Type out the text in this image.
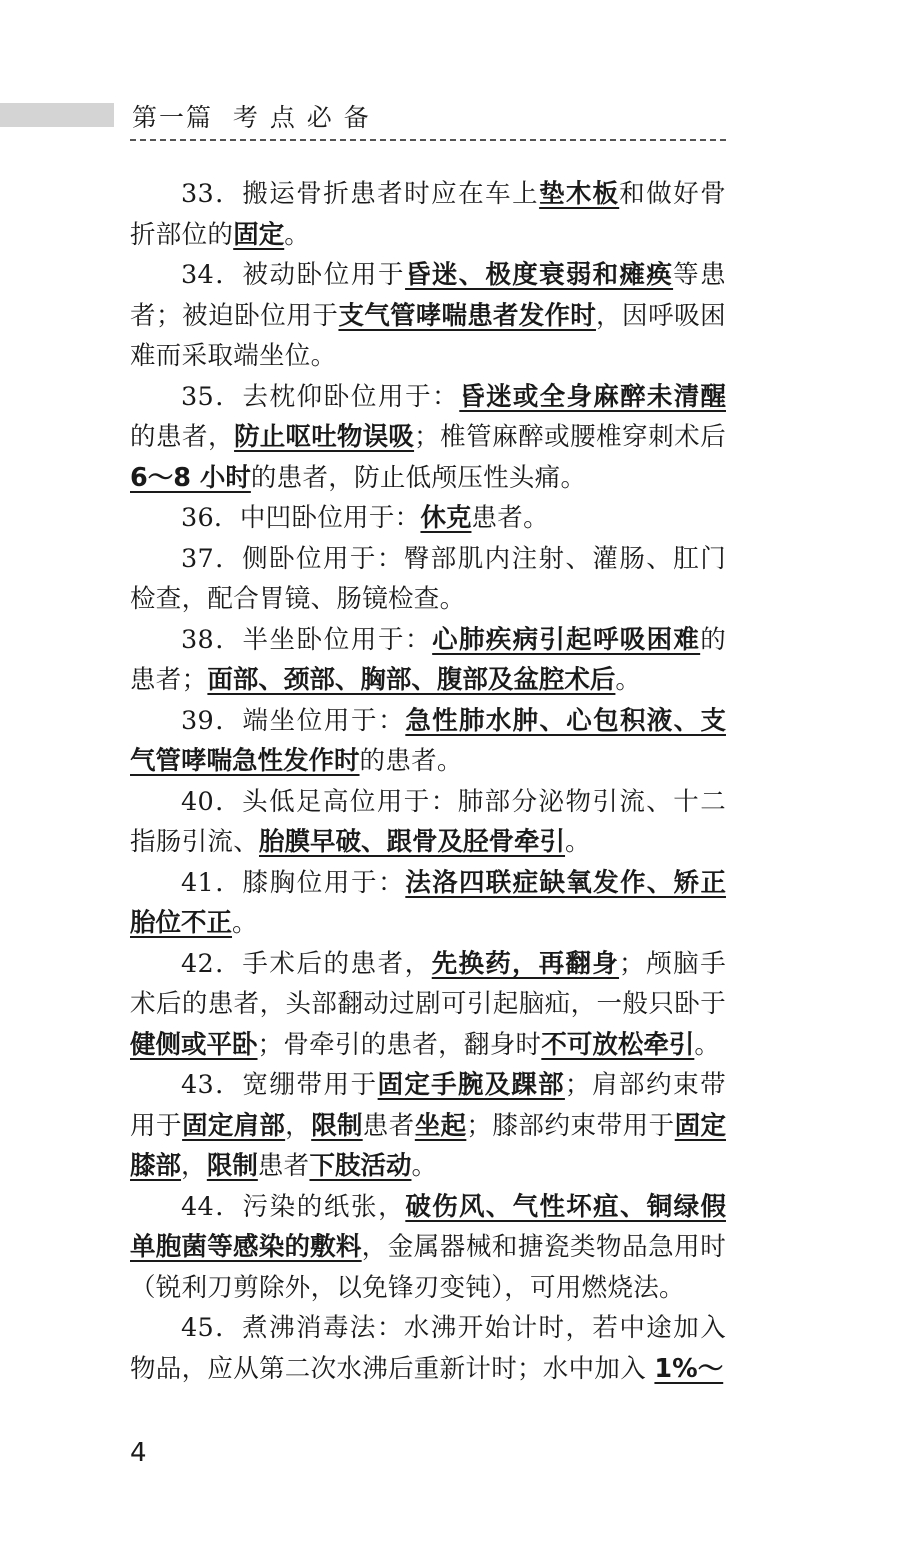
第一篇  考 点 必 备

33．搬运骨折患者时应在车上垫木板和做好骨折部位的固定。

34．被动卧位用于昏迷、极度衰弱和瘫痪等患者；被迫卧位用于支气管哮喘患者发作时，因呼吸困难而采取端坐位。

35．去枕仰卧位用于：昏迷或全身麻醉未清醒的患者，防止呕吐物误吸；椎管麻醉或腰椎穿刺术后 6～8 小时的患者，防止低颅压性头痛。

36．中凹卧位用于：休克患者。

37．侧卧位用于：臀部肌内注射、灌肠、肛门检查，配合胃镜、肠镜检查。

38．半坐卧位用于：心肺疾病引起呼吸困难的患者；面部、颈部、胸部、腹部及盆腔术后。

39．端坐位用于：急性肺水肿、心包积液、支气管哮喘急性发作时的患者。

40．头低足高位用于：肺部分泌物引流、十二指肠引流、胎膜早破、跟骨及胫骨牵引。

41．膝胸位用于：法洛四联症缺氧发作、矫正胎位不正。

42．手术后的患者，先换药，再翻身；颅脑手术后的患者，头部翻动过剧可引起脑疝，一般只卧于健侧或平卧；骨牵引的患者，翻身时不可放松牵引。

43．宽绷带用于固定手腕及踝部；肩部约束带用于固定肩部，限制患者坐起；膝部约束带用于固定膝部，限制患者下肢活动。

44．污染的纸张，破伤风、气性坏疽、铜绿假单胞菌等感染的敷料，金属器械和搪瓷类物品急用时（锐利刀剪除外，以免锋刃变钝），可用燃烧法。

45．煮沸消毒法：水沸开始计时，若中途加入物品，应从第二次水沸后重新计时；水中加入 1%～

4
